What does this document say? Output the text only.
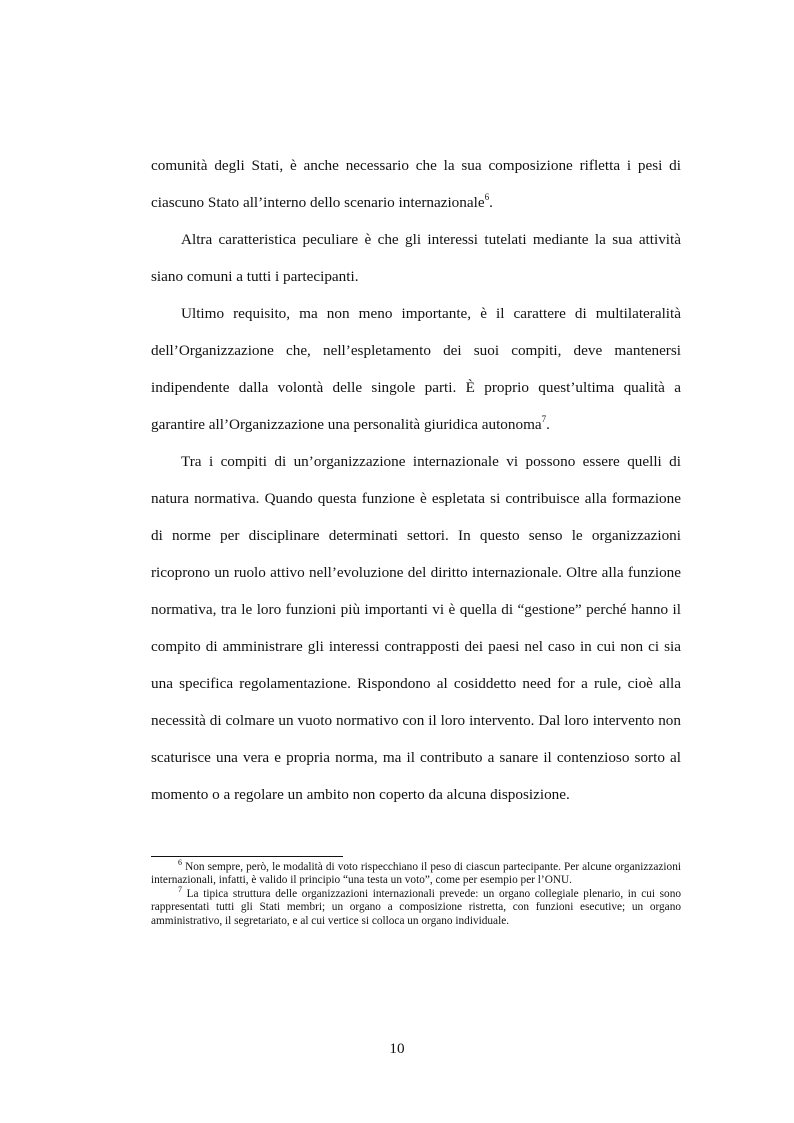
comunità degli Stati, è anche necessario che la sua composizione rifletta i pesi di ciascuno Stato all’interno dello scenario internazionale$^6$.

Altra caratteristica peculiare è che gli interessi tutelati mediante la sua attività siano comuni a tutti i partecipanti.

Ultimo requisito, ma non meno importante, è il carattere di multilateralità dell’Organizzazione che, nell’espletamento dei suoi compiti, deve mantenersi indipendente dalla volontà delle singole parti. È proprio quest’ultima qualità a garantire all’Organizzazione una personalità giuridica autonoma$^7$.

Tra i compiti di un’organizzazione internazionale vi possono essere quelli di natura normativa. Quando questa funzione è espletata si contribuisce alla formazione di norme per disciplinare determinati settori. In questo senso le organizzazioni ricoprono un ruolo attivo nell’evoluzione del diritto internazionale. Oltre alla funzione normativa, tra le loro funzioni più importanti vi è quella di “gestione” perché hanno il compito di amministrare gli interessi contrapposti dei paesi nel caso in cui non ci sia una specifica regolamentazione. Rispondono al cosiddetto need for a rule, cioè alla necessità di colmare un vuoto normativo con il loro intervento. Dal loro intervento non scaturisce una vera e propria norma, ma il contributo a sanare il contenzioso sorto al momento o a regolare un ambito non coperto da alcuna disposizione.

$^6$ Non sempre, però, le modalità di voto rispecchiano il peso di ciascun partecipante. Per alcune organizzazioni internazionali, infatti, è valido il principio “una testa un voto”, come per esempio per l’ONU.

$^7$ La tipica struttura delle organizzazioni internazionali prevede: un organo collegiale plenario, in cui sono rappresentati tutti gli Stati membri; un organo a composizione ristretta, con funzioni esecutive; un organo amministrativo, il segretariato, e al cui vertice si colloca un organo individuale.

10
